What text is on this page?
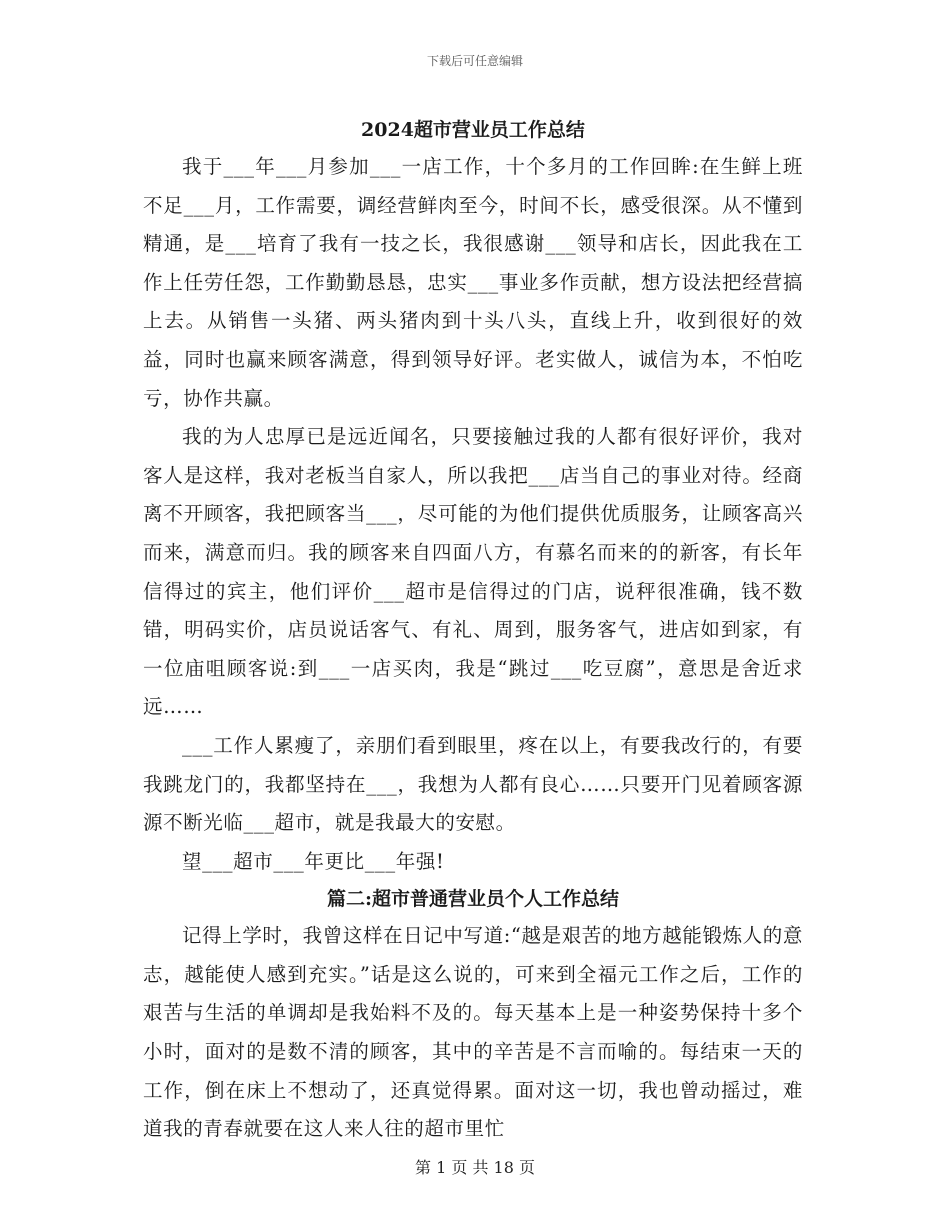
下载后可任意编辑
2024超市营业员工作总结

我于___年___月参加___一店工作，十个多月的工作回眸:在生鲜上班不足___月，工作需要，调经营鲜肉至今，时间不长，感受很深。从不懂到精通，是___培育了我有一技之长，我很感谢___领导和店长，因此我在工作上任劳任怨，工作勤勤恳恳，忠实___事业多作贡献，想方设法把经营搞上去。从销售一头猪、两头猪肉到十头八头，直线上升，收到很好的效益，同时也赢来顾客满意，得到领导好评。老实做人，诚信为本，不怕吃亏，协作共赢。

我的为人忠厚已是远近闻名，只要接触过我的人都有很好评价，我对客人是这样，我对老板当自家人，所以我把___店当自己的事业对待。经商离不开顾客，我把顾客当___，尽可能的为他们提供优质服务，让顾客高兴而来，满意而归。我的顾客来自四面八方，有慕名而来的的新客，有长年信得过的宾主，他们评价___超市是信得过的门店，说秤很准确，钱不数错，明码实价，店员说话客气、有礼、周到，服务客气，进店如到家，有一位庙咀顾客说:到___一店买肉，我是“跳过___吃豆腐”，意思是舍近求远……

___工作人累瘦了，亲朋们看到眼里，疼在以上，有要我改行的，有要我跳龙门的，我都坚持在___，我想为人都有良心……只要开门见着顾客源源不断光临___超市，就是我最大的安慰。

望___超市___年更比___年强!

篇二:超市普通营业员个人工作总结

记得上学时，我曾这样在日记中写道:“越是艰苦的地方越能锻炼人的意志，越能使人感到充实。”话是这么说的，可来到全福元工作之后，工作的艰苦与生活的单调却是我始料不及的。每天基本上是一种姿势保持十多个小时，面对的是数不清的顾客，其中的辛苦是不言而喻的。每结束一天的工作，倒在床上不想动了，还真觉得累。面对这一切，我也曾动摇过，难道我的青春就要在这人来人往的超市里忙

第 1 页 共 18 页
